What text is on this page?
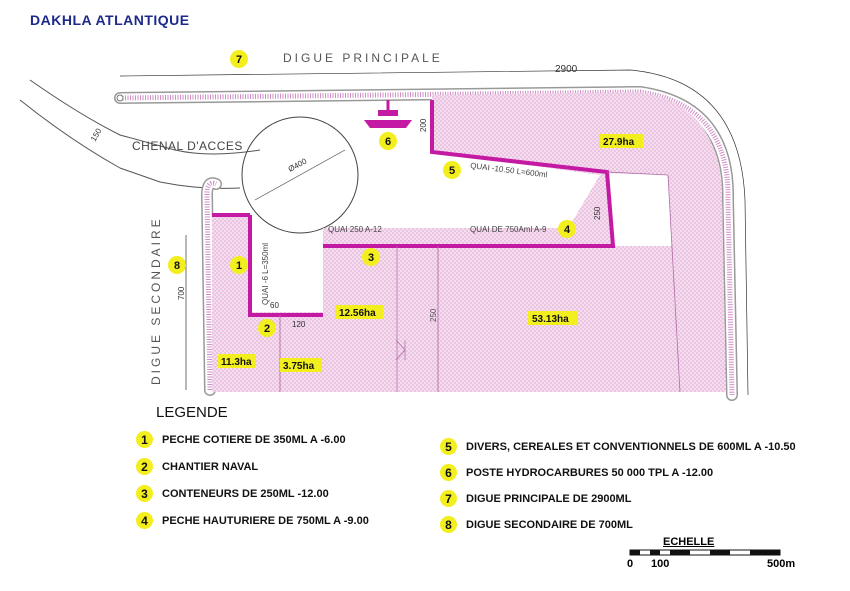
DAKHLA ATLANTIQUE
CHENAL D'ACCES
150
2900
DIGUE PRINCIPALE
DIGUE SECONDAIRE 700
Ø400
QUAI -6 L=350ml
QUAI -10.50 L=600ml
QUAI 250 A-12	QUAI DE 750Aml A-9
200
250
250
60
120
27.9ha
12.56ha
53.13ha
11.3ha	3.75ha
7
6
5
4
3
1
8
2
LEGENDE
1	PECHE COTIERE DE 350ML A -6.00
2	CHANTIER NAVAL
3	CONTENEURS DE 250ML -12.00
4	PECHE HAUTURIERE DE 750ML A -9.00
5	DIVERS, CEREALES ET CONVENTIONNELS DE 600ML A -10.50
6	POSTE HYDROCARBURES 50 000 TPL A -12.00
7	DIGUE PRINCIPALE DE 2900ML
8	DIGUE SECONDAIRE DE 700ML
ECHELLE
0 100	500m
